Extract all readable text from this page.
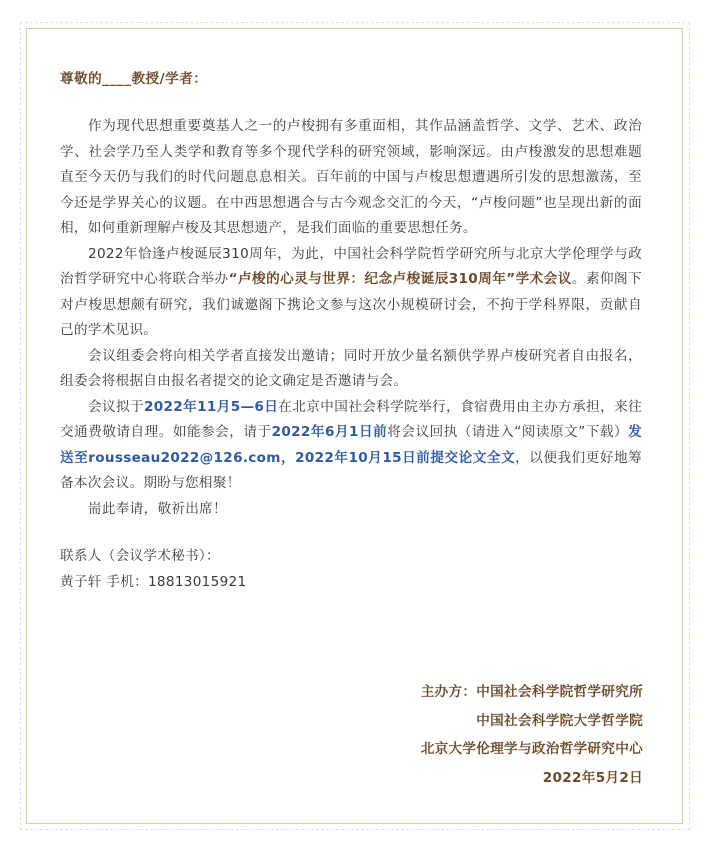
尊敬的____教授/学者：

作为现代思想重要奠基人之一的卢梭拥有多重面相，其作品涵盖哲学、文学、艺术、政治学、社会学乃至人类学和教育等多个现代学科的研究领域，影响深远。由卢梭激发的思想难题直至今天仍与我们的时代问题息息相关。百年前的中国与卢梭思想遭遇所引发的思想激荡，至今还是学界关心的议题。在中西思想遇合与古今观念交汇的今天，“卢梭问题”也呈现出新的面相，如何重新理解卢梭及其思想遗产，是我们面临的重要思想任务。

2022年恰逢卢梭诞辰310周年，为此，中国社会科学院哲学研究所与北京大学伦理学与政治哲学研究中心将联合举办“卢梭的心灵与世界：纪念卢梭诞辰310周年”学术会议。素仰阁下对卢梭思想颇有研究，我们诚邀阁下携论文参与这次小规模研讨会，不拘于学科界限，贡献自己的学术见识。

会议组委会将向相关学者直接发出邀请；同时开放少量名额供学界卢梭研究者自由报名，组委会将根据自由报名者提交的论文确定是否邀请与会。

会议拟于2022年11月5—6日在北京中国社会科学院举行，食宿费用由主办方承担，来往交通费敬请自理。如能参会，请于2022年6月1日前将会议回执（请进入“阅读原文”下载）发送至rousseau2022@126.com，2022年10月15日前提交论文全文，以便我们更好地筹备本次会议。期盼与您相聚！

耑此奉请，敬祈出席！

联系人（会议学术秘书）：
黄子轩 手机：18813015921
主办方：中国社会科学院哲学研究所
中国社会科学院大学哲学院
北京大学伦理学与政治哲学研究中心
2022年5月2日
